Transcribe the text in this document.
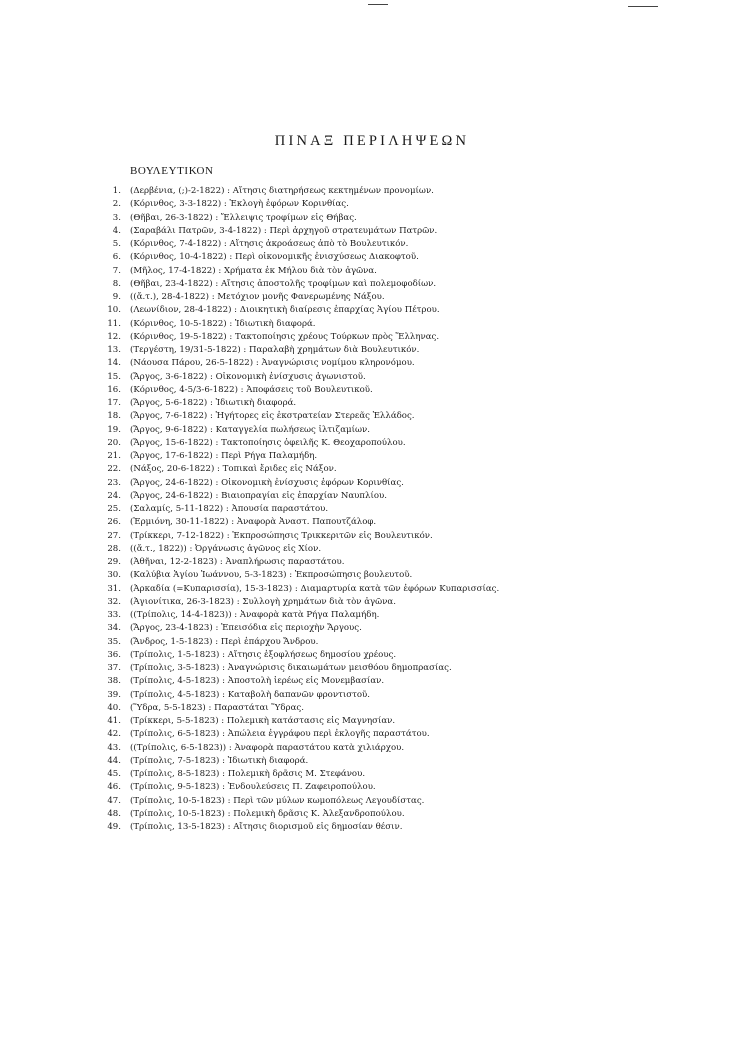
ΠΙΝΑΞ ΠΕΡΙΛΗΨΕΩΝ
ΒΟΥΛΕΥΤΙΚΟΝ
1. (Δερβένια, (;)-2-1822) : Αἴτησις διατηρήσεως κεκτημένων προνομίων.
2. (Κόρινθος, 3-3-1822) : Ἐκλογὴ ἐφόρων Κορινθίας.
3. (Θῆβαι, 26-3-1822) : Ἔλλειψις τροφίμων εἰς Θήβας.
4. (Σαραβάλι Πατρῶν, 3-4-1822) : Περὶ ἀρχηγοῦ στρατευμάτων Πατρῶν.
5. (Κόρινθος, 7-4-1822) : Αἴτησις ἀκροάσεως ἀπὸ τὸ Βουλευτικόν.
6. (Κόρινθος, 10-4-1822) : Περὶ οἰκονομικῆς ἐνισχύσεως Διακοφτοῦ.
7. (Μῆλος, 17-4-1822) : Χρήματα ἐκ Μήλου διὰ τὸν ἀγῶνα.
8. (Θῆβαι, 23-4-1822) : Αἴτησις ἀποστολῆς τροφίμων καὶ πολεμοφοδίων.
9. ((ἄ.τ.), 28-4-1822) : Μετόχιον μονῆς Φανερωμένης Νάξου.
10. (Λεωνίδιον, 28-4-1822) : Διοικητικὴ διαίρεσις ἐπαρχίας Ἁγίου Πέτρου.
11. (Κόρινθος, 10-5-1822) : Ἰδιωτικὴ διαφορά.
12. (Κόρινθος, 19-5-1822) : Τακτοποίησις χρέους Τούρκων πρὸς Ἕλληνας.
13. (Τεργέστη, 19/31-5-1822) : Παραλαβὴ χρημάτων διὰ Βουλευτικόν.
14. (Νάουσα Πάρου, 26-5-1822) : Ἀναγνώρισις νομίμου κληρονόμου.
15. (Ἄργος, 3-6-1822) : Οἰκονομικὴ ἐνίσχυσις ἀγωνιστοῦ.
16. (Κόρινθος, 4-5/3-6-1822) : Ἀποφάσεις τοῦ Βουλευτικοῦ.
17. (Ἄργος, 5-6-1822) : Ἰδιωτικὴ διαφορά.
18. (Ἄργος, 7-6-1822) : Ἡγήτορες εἰς ἐκστρατείαν Στερεᾶς Ἑλλάδος.
19. (Ἄργος, 9-6-1822) : Καταγγελία πωλήσεως ἰλτιζαμίων.
20. (Ἄργος, 15-6-1822) : Τακτοποίησις ὀφειλῆς Κ. Θεοχαροπούλου.
21. (Ἄργος, 17-6-1822) : Περὶ Ρήγα Παλαμήδη.
22. (Νάξος, 20-6-1822) : Τοπικαὶ ἔριδες εἰς Νάξον.
23. (Ἄργος, 24-6-1822) : Οἰκονομικὴ ἐνίσχυσις ἐφόρων Κορινθίας.
24. (Ἄργος, 24-6-1822) : Βιαιοπραγίαι εἰς ἐπαρχίαν Ναυπλίου.
25. (Σαλαμίς, 5-11-1822) : Ἀπουσία παραστάτου.
26. (Ἑρμιόνη, 30-11-1822) : Ἀναφορὰ Ἀναστ. Παπουτζάλοφ.
27. (Τρίκκερι, 7-12-1822) : Ἐκπροσώπησις Τρικκεριτῶν εἰς Βουλευτικόν.
28. ((ἄ.τ., 1822)) : Ὀργάνωσις ἀγῶνος εἰς Χίον.
29. (Ἀθῆναι, 12-2-1823) : Ἀναπλήρωσις παραστάτου.
30. (Καλύβια Ἁγίου Ἰωάννου, 5-3-1823) : Ἐκπροσώπησις βουλευτοῦ.
31. (Ἀρκαδία (=Κυπαρισσία), 15-3-1823) : Διαμαρτυρία κατὰ τῶν ἐφόρων Κυπαρισσίας.
32. (Ἀγιονίτικα, 26-3-1823) : Συλλογὴ χρημάτων διὰ τὸν ἀγῶνα.
33. ((Τρίπολις, 14-4-1823)) : Ἀναφορὰ κατὰ Ρήγα Παλαμήδη.
34. (Ἄργος, 23-4-1823) : Ἐπεισόδια εἰς περιοχὴν Ἄργους.
35. (Ἄνδρος, 1-5-1823) : Περὶ ἐπάρχου Ἄνδρου.
36. (Τρίπολις, 1-5-1823) : Αἴτησις ἐξοφλήσεως δημοσίου χρέους.
37. (Τρίπολις, 3-5-1823) : Ἀναγνώρισις δικαιωμάτων μεισθόου δημοπρασίας.
38. (Τρίπολις, 4-5-1823) : Ἀποστολὴ ἱερέως εἰς Μονεμβασίαν.
39. (Τρίπολις, 4-5-1823) : Καταβολὴ δαπανῶν φροντιστοῦ.
40. (Ὕδρα, 5-5-1823) : Παραστάται Ὕδρας.
41. (Τρίκκερι, 5-5-1823) : Πολεμικὴ κατάστασις εἰς Μαγνησίαν.
42. (Τρίπολις, 6-5-1823) : Ἀπώλεια ἐγγράφου περὶ ἐκλογῆς παραστάτου.
43. ((Τρίπολις, 6-5-1823)) : Ἀναφορὰ παραστάτου κατὰ χιλιάρχου.
44. (Τρίπολις, 7-5-1823) : Ἰδιωτικὴ διαφορά.
45. (Τρίπολις, 8-5-1823) : Πολεμικὴ δρᾶσις Μ. Στεφάνου.
46. (Τρίπολις, 9-5-1823) : Ἐνδουλεύσεις Π. Ζαφειροπούλου.
47. (Τρίπολις, 10-5-1823) : Περὶ τῶν μύλων κωμοπόλεως Λεγουδίστας.
48. (Τρίπολις, 10-5-1823) : Πολεμικὴ δρᾶσις Κ. Ἀλεξανδροπούλου.
49. (Τρίπολις, 13-5-1823) : Αἴτησις διορισμοῦ εἰς δημοσίαν θέσιν.
